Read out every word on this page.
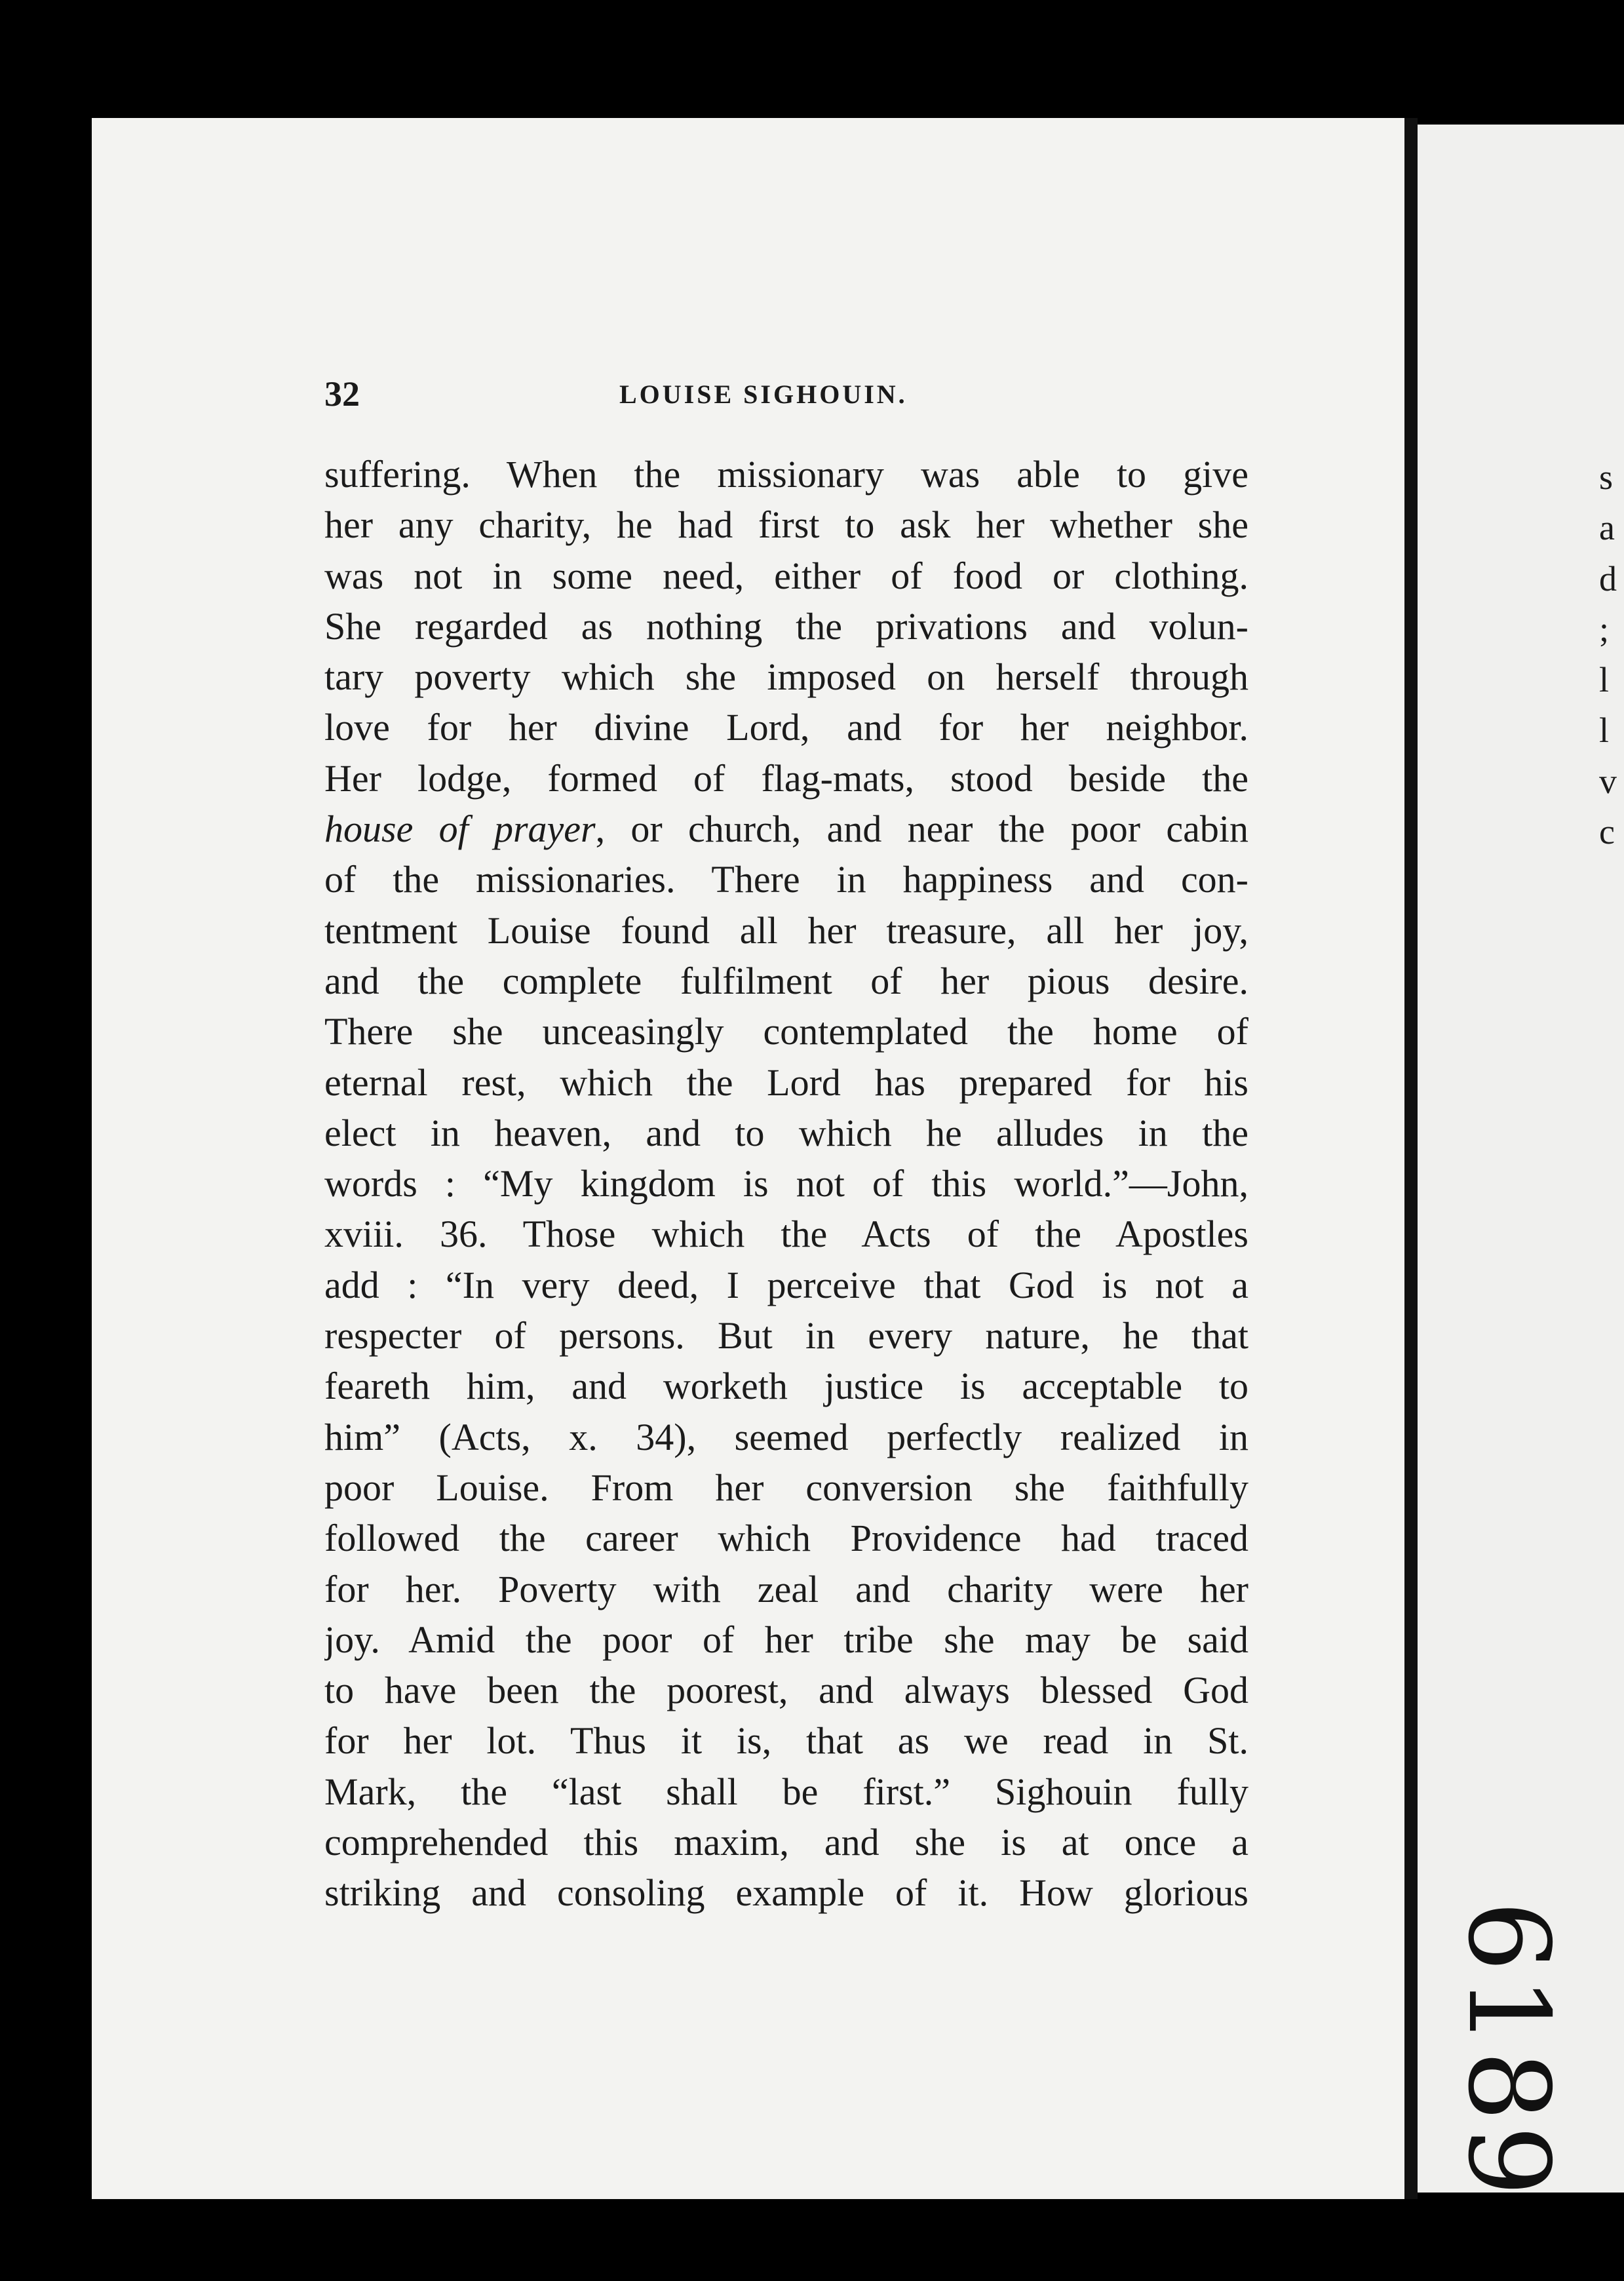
32	LOUISE SIGHOUIN.
suffering. When the missionary was able to give
her any charity, he had first to ask her whether she
was not in some need, either of food or clothing.
She regarded as nothing the privations and volun-
tary poverty which she imposed on herself through
love for her divine Lord, and for her neighbor.
Her lodge, formed of flag-mats, stood beside the
house of prayer, or church, and near the poor cabin
of the missionaries. There in happiness and con-
tentment Louise found all her treasure, all her joy,
and the complete fulfilment of her pious desire.
There she unceasingly contemplated the home of
eternal rest, which the Lord has prepared for his
elect in heaven, and to which he alludes in the
words : “My kingdom is not of this world.”—John,
xviii. 36. Those which the Acts of the Apostles
add : “In very deed, I perceive that God is not a
respecter of persons. But in every nature, he that
feareth him, and worketh justice is acceptable to
him” (Acts, x. 34), seemed perfectly realized in
poor Louise. From her conversion she faithfully
followed the career which Providence had traced
for her. Poverty with zeal and charity were her
joy. Amid the poor of her tribe she may be said
to have been the poorest, and always blessed God
for her lot. Thus it is, that as we read in St.
Mark, the “last shall be first.” Sighouin fully
comprehended this maxim, and she is at once a
striking and consoling example of it. How glorious
s
a
d
;
l
l
v
c
6189
